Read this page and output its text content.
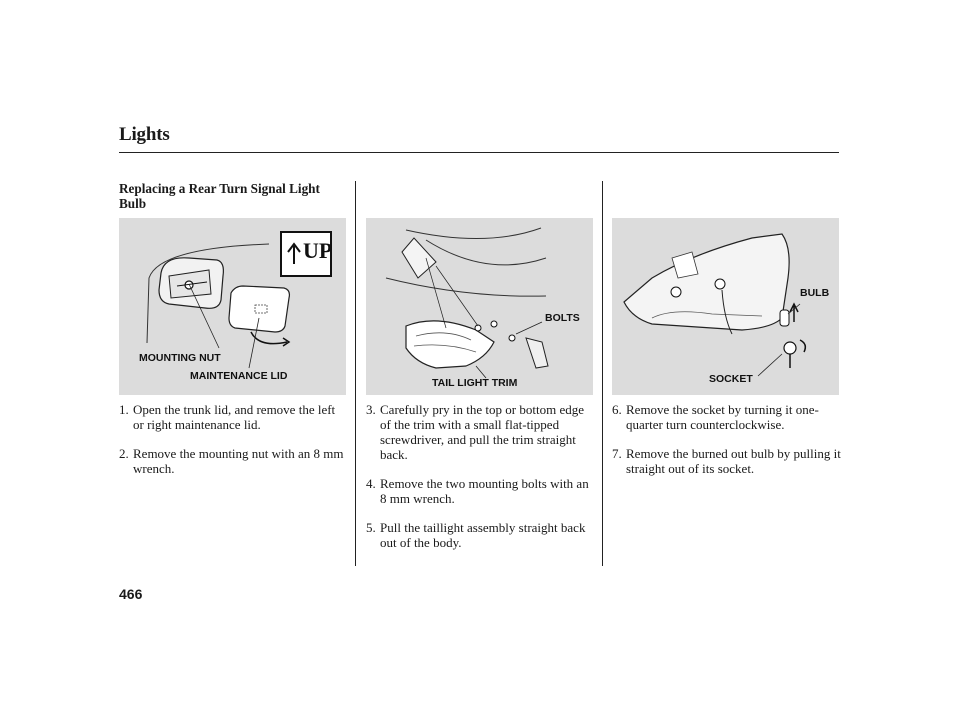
Lights
Replacing a Rear Turn Signal Light Bulb
UP
MOUNTING NUT
MAINTENANCE LID
1. Open the trunk lid, and remove the left or right maintenance lid.
2. Remove the mounting nut with an 8 mm wrench.
BOLTS
TAIL LIGHT TRIM
3. Carefully pry in the top or bottom edge of the trim with a small flat-tipped screwdriver, and pull the trim straight back.
4. Remove the two mounting bolts with an 8 mm wrench.
5. Pull the taillight assembly straight back out of the body.
BULB
SOCKET
6. Remove the socket by turning it one-quarter turn counterclockwise.
7. Remove the burned out bulb by pulling it straight out of its socket.
466
